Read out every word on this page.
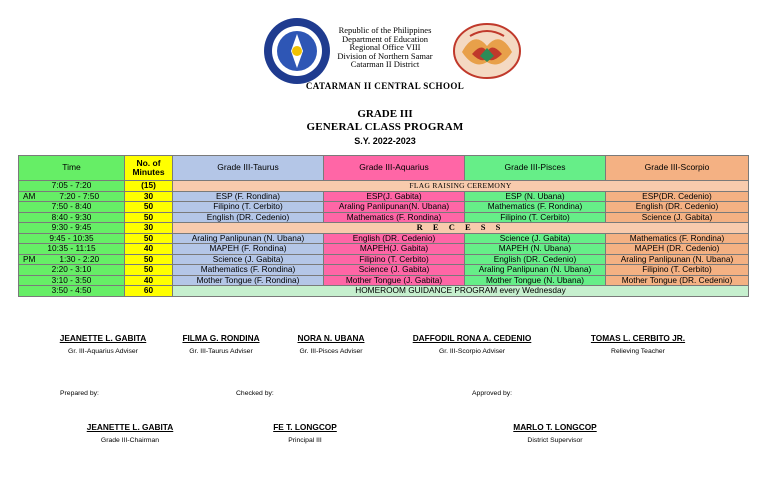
Republic of the Philippines
Department of Education
Regional Office VIII
Division of Northern Samar
Catarman II District
CATARMAN II CENTRAL SCHOOL
GRADE III
GENERAL CLASS PROGRAM
S.Y. 2022-2023
Time	No. of Minutes	Grade III-Taurus	Grade III-Aquarius	Grade III-Pisces	Grade III-Scorpio

7:05 - 7:20	(15)	FLAG RAISING CEREMONY			

AM 7:20 - 7:50	30	ESP (F. Rondina)	ESP(J. Gabita)	ESP (N. Ubana)	ESP(DR. Cedenio)

7:50 - 8:40	50	Filipino (T. Cerbito)	Araling Panlipunan(N. Ubana)	Mathematics (F. Rondina)	English (DR. Cedenio)

8:40 - 9:30	50	English (DR. Cedenio)	Mathematics (F. Rondina)	Filipino (T. Cerbito)	Science (J. Gabita)

9:30 - 9:45	30	R E C E S S			

9:45 - 10:35	50	Araling Panlipunan (N. Ubana)	English (DR. Cedenio)	Science (J. Gabita)	Mathematics (F. Rondina)

10:35 - 11:15	40	MAPEH (F. Rondina)	MAPEH(J. Gabita)	MAPEH (N. Ubana)	MAPEH (DR. Cedenio)

PM 1:30 - 2:20	50	Science (J. Gabita)	Filipino (T. Cerbito)	English (DR. Cedenio)	Araling Panlipunan (N. Ubana)

2:20 - 3:10	50	Mathematics (F. Rondina)	Science (J. Gabita)	Araling Panlipunan (N. Ubana)	Filipino (T. Cerbito)

3:10 - 3:50	40	Mother Tongue (F. Rondina)	Mother Tongue (J. Gabita)	Mother Tongue (N. Ubana)	Mother Tongue (DR. Cedenio)

3:50 - 4:50	60	HOMEROOM GUIDANCE PROGRAM every Wednesday			
JEANETTE L. GABITA
Gr. III-Aquarius Adviser
FILMA G. RONDINA
Gr. III-Taurus Adviser
NORA N. UBANA
Gr. III-Pisces Adviser
DAFFODIL RONA A. CEDENIO
Gr. III-Scorpio Adviser
TOMAS L. CERBITO JR.
Relieving Teacher
Prepared by:	Checked by:	Approved by:
JEANETTE L. GABITA
Grade III-Chairman
FE T. LONGCOP
Principal III
MARLO T. LONGCOP
District Supervisor
